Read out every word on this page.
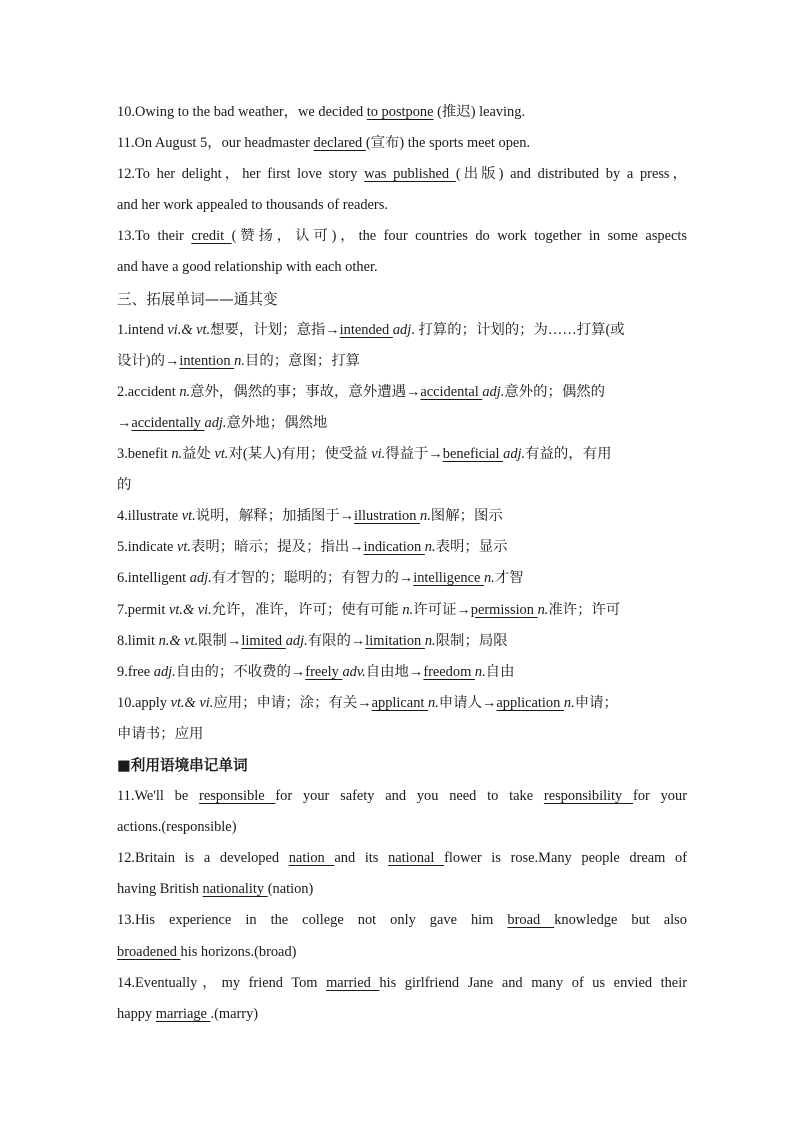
10.Owing to the bad weather，we decided to postpone (推迟) leaving.
11.On August 5，our headmaster declared (宣布) the sports meet open.
12.To her delight，her first love story was published (出版) and distributed by a press，
and her work appealed to thousands of readers.
13.To their credit (赞扬，认可)，the four countries do work together in some aspects
and have a good relationship with each other.
三、拓展单词——通其变
1.intend vi.& vt.想要，计划；意指→intended adj. 打算的；计划的；为……打算(或
设计)的→intention n.目的；意图；打算
2.accident n.意外，偶然的事；事故，意外遭遇→accidental adj.意外的；偶然的
→accidentally adj.意外地；偶然地
3.benefit n.益处 vt.对(某人)有用；使受益 vi.得益于→beneficial adj.有益的，有用
的
4.illustrate vt.说明，解释；加插图于→illustration n.图解；图示
5.indicate vt.表明；暗示；提及；指出→indication n.表明；显示
6.intelligent adj.有才智的；聪明的；有智力的→intelligence n.才智
7.permit vt.& vi.允许，准许，许可；使有可能 n.许可证→permission n.准许；许可
8.limit n.& vt.限制→limited adj.有限的→limitation n.限制；局限
9.free adj.自由的；不收费的→freely adv.自由地→freedom n.自由
10.apply vt.& vi.应用；申请；涂；有关→applicant n.申请人→application n.申请；
申请书；应用
■利用语境串记单词
11.We'll be responsible for your safety and you need to take responsibility for your
actions.(responsible)
12.Britain is a developed nation and its national flower is rose.Many people dream of
having British nationality (nation)
13.His experience in the college not only gave him broad knowledge but also
broadened his horizons.(broad)
14.Eventually，my friend Tom married his girlfriend Jane and many of us envied their
happy marriage .(marry)
